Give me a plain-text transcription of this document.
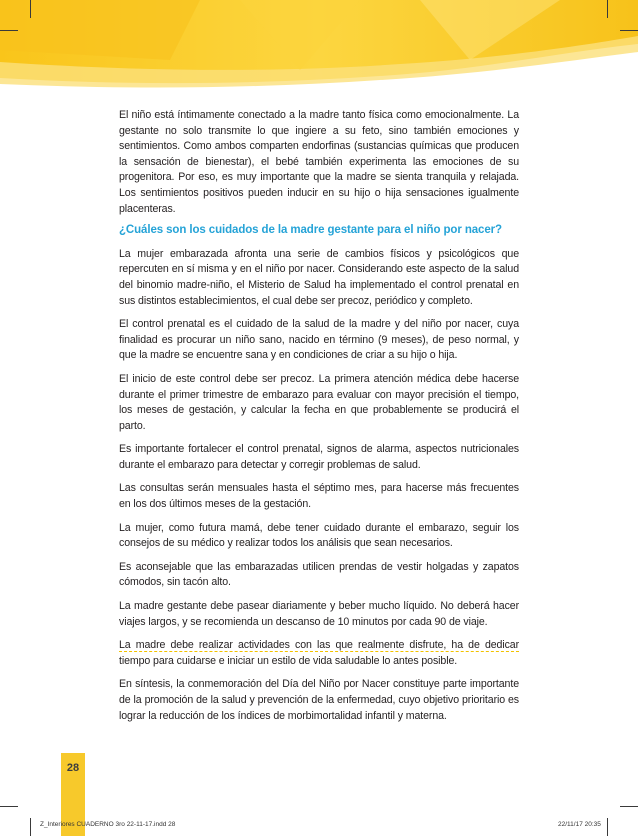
El niño está íntimamente conectado a la madre tanto física como emocionalmente. La gestante no solo transmite lo que ingiere a su feto, sino también emociones y sentimientos. Como ambos comparten endorfinas (sustancias químicas que producen la sensación de bienestar), el bebé también experimenta las emociones de su progenitora. Por eso, es muy importante que la madre se sienta tranquila y relajada. Los sentimientos positivos pueden inducir en su hijo o hija sensaciones igualmente placenteras.

¿Cuáles son los cuidados de la madre gestante para el niño por nacer?

La mujer embarazada afronta una serie de cambios físicos y psicológicos que repercuten en sí misma y en el niño por nacer. Considerando este aspecto de la salud del binomio madre-niño, el Misterio de Salud ha implementado el control prenatal en sus distintos establecimientos, el cual debe ser precoz, periódico y completo.

El control prenatal es el cuidado de la salud de la madre y del niño por nacer, cuya finalidad es procurar un niño sano, nacido en término (9 meses), de peso normal, y que la madre se encuentre sana y en condiciones de criar a su hijo o hija.

El inicio de este control debe ser precoz. La primera atención médica debe hacerse durante el primer trimestre de embarazo para evaluar con mayor precisión el tiempo, los meses de gestación, y calcular la fecha en que probablemente se producirá el parto.

Es importante fortalecer el control prenatal, signos de alarma, aspectos nutricionales durante el embarazo para detectar y corregir problemas de salud.

Las consultas serán mensuales hasta el séptimo mes, para hacerse más frecuentes en los dos últimos meses de la gestación.

La mujer, como futura mamá, debe tener cuidado durante el embarazo, seguir los consejos de su médico y realizar todos los análisis que sean necesarios.

Es aconsejable que las embarazadas utilicen prendas de vestir holgadas y zapatos cómodos, sin tacón alto.

La madre gestante debe pasear diariamente y beber mucho líquido. No deberá hacer viajes largos, y se recomienda un descanso de 10 minutos por cada 90 de viaje.

La madre debe realizar actividades con las que realmente disfrute, ha de dedicar tiempo para cuidarse e iniciar un estilo de vida saludable lo antes posible.

En síntesis, la conmemoración del Día del Niño por Nacer constituye parte importante de la promoción de la salud y prevención de la enfermedad, cuyo objetivo prioritario es lograr la reducción de los índices de morbimortalidad infantil y materna.

28
Z_Interiores CUADERNO 3ro 22-11-17.indd 28	22/11/17 20:35
